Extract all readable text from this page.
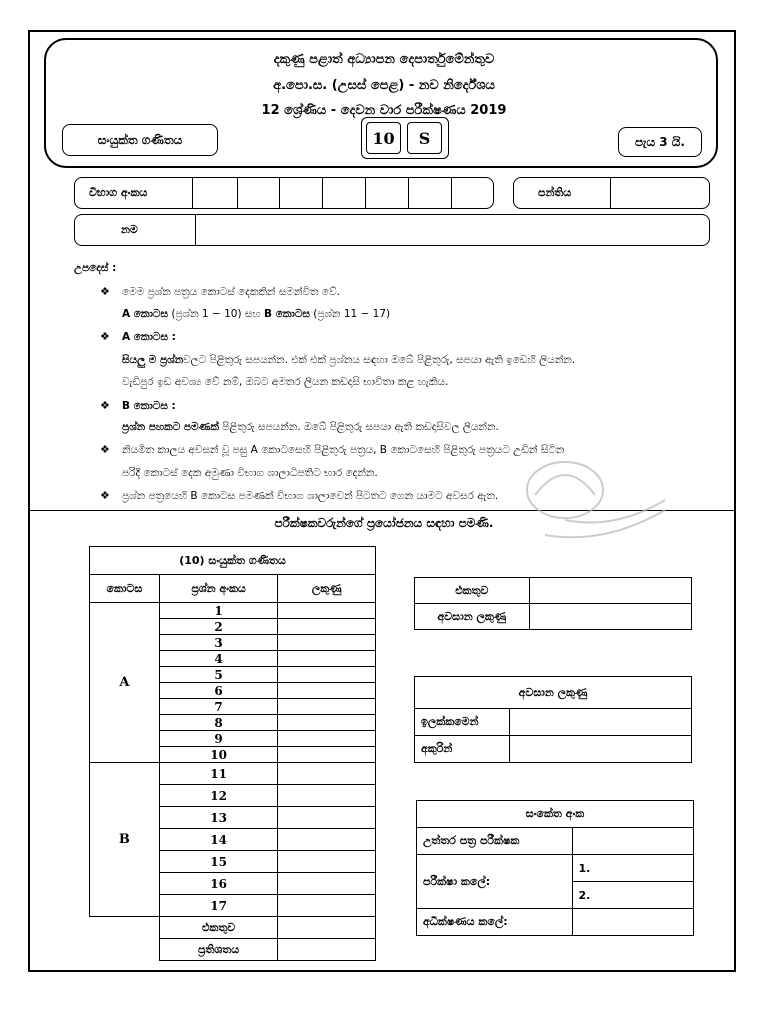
දකුණු පළාත් අධ්‍යාපන දෙපාර්තුමේන්තුව
අ.පො.ස. (උසස් පෙළ) - නව නිර්දේශය
12 ශ්‍රේණිය - දෙවන වාර පරීක්ෂණය 2019
සංයුක්ත ගණිතය	10	S	පැය 3 යි.
විභාග අංකය	පන්තිය
නම
උපදෙස් :
❖ මෙම ප්‍රශ්න පත්‍රය කොටස් දෙකකින් සමන්විත වේ.
A කොටස (ප්‍රශ්න 1 − 10) සහ B කොටස (ප්‍රශ්න 11 − 17)
❖ A කොටස :
සියලු ම ප්‍රශ්නවලට පිළිතුරු සපයන්න. එක් එක් ප්‍රශ්නය සඳහා ඔබේ පිළිතුරු, සපයා ඇති ඉඩෙහි ලියන්න.
වැඩිපුර ඉඩ අවශ්‍ය වේ නම්, ඔබට අමතර ලියන කඩදාසි භාවිතා කළ හැකිය.
❖ B කොටස :
ප්‍රශ්න පහකට පමණක් පිළිතුරු සපයන්න. ඔබේ පිළිතුරු සපයා ඇති කඩදාසිවල ලියන්න.
❖ නියමිත කාලය අවසන් වූ පසු A කොටසෙහි පිළිතුරු පත්‍රය, B කොටසෙහි පිළිතුරු පත්‍රයට උඩින් සිටින
පරිදි කොටස් දෙක අමුණා විභාග ශාලාධිපතිට භාර දෙන්න.
❖ ප්‍රශ්න පත්‍රයෙහි B කොටස පමණක් විභාග ශාලාවෙන් පිටතට ගෙන යාමට අවසර ඇත.
පරීක්ෂකවරුන්ගේ ප්‍රයෝජනය සඳහා පමණි.
(10) සංයුක්ත ගණිතය		
කොටස	ප්‍රශ්න අංකය	ලකුණු
A	1	
	2	
	3	
	4	
	5	
	6	
	7	
	8	
	9	
	10	
B	11	
	12	
	13	
	14	
	15	
	16	
	17	
	එකතුව	
	ප්‍රතිශතය	
එකතුව	
අවසාන ලකුණු	
අවසාන ලකුණු	
ඉලක්කමෙන්	
අකුරින්	
සංකේත අංක	
උත්තර පත්‍ර පරීක්ෂක	
පරීක්ෂා කලේ:	1.
	2.
අධීක්ෂණය කලේ:	
